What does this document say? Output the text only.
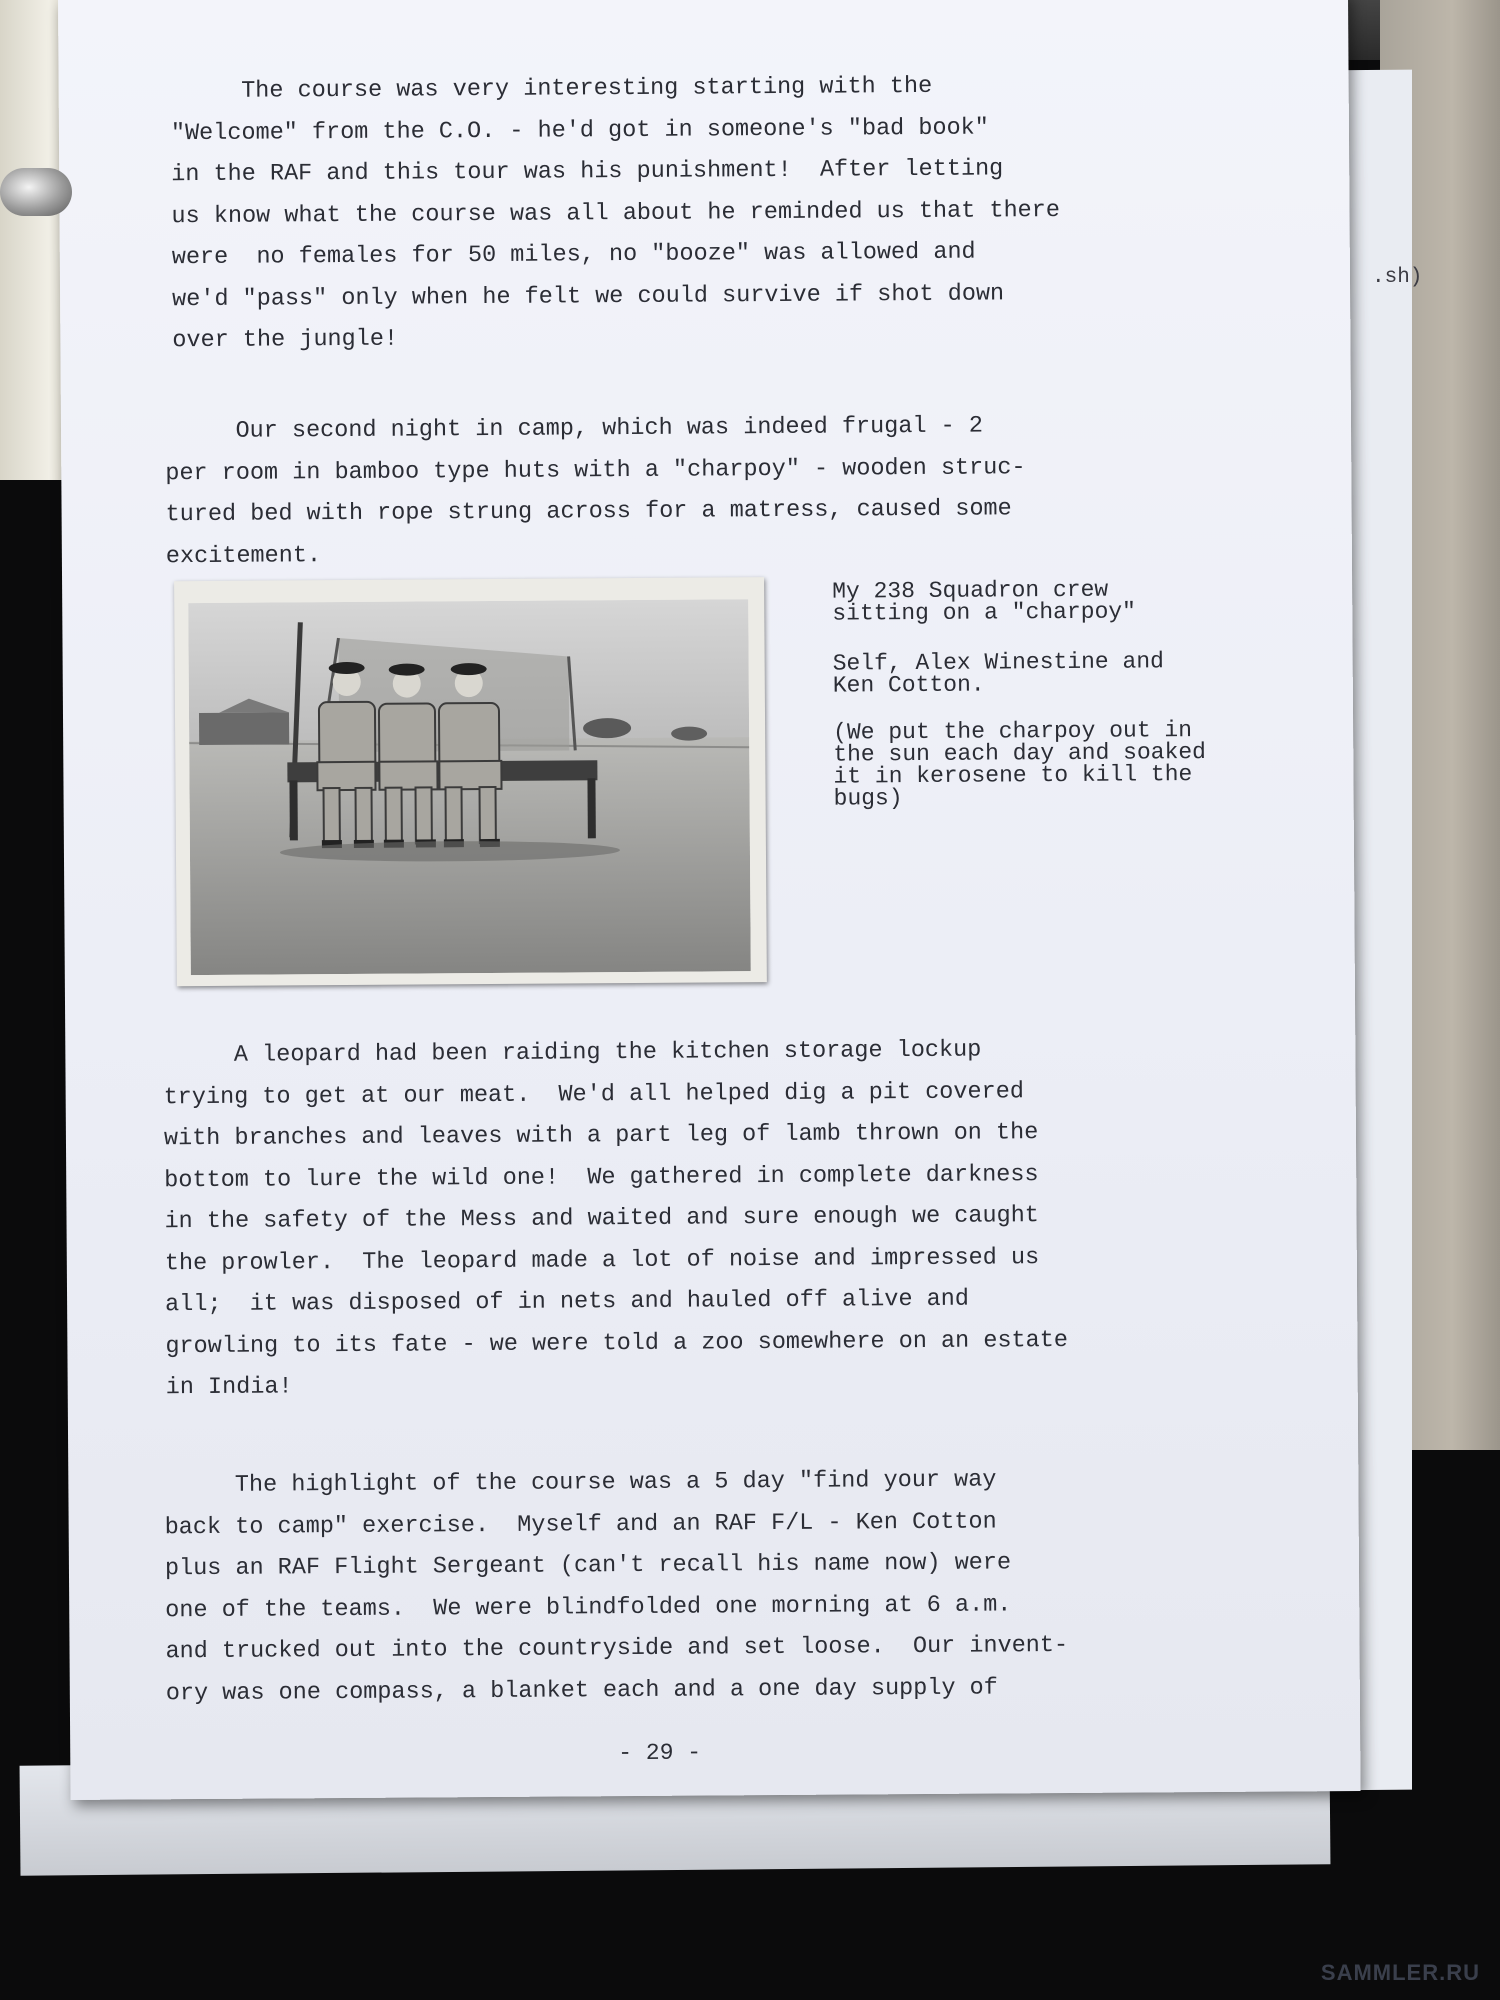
.sh)

The course was very interesting starting with the
"Welcome" from the C.O. - he'd got in someone's "bad book"
in the RAF and this tour was his punishment!  After letting
us know what the course was all about he reminded us that there
were  no females for 50 miles, no "booze" was allowed and
we'd "pass" only when he felt we could survive if shot down
over the jungle!

Our second night in camp, which was indeed frugal - 2
per room in bamboo type huts with a "charpoy" - wooden struc-
tured bed with rope strung across for a matress, caused some
excitement.

My 238 Squadron crew
sitting on a "charpoy"

Self, Alex Winestine and
Ken Cotton.

(We put the charpoy out in
the sun each day and soaked
it in kerosene to kill the
bugs)

A leopard had been raiding the kitchen storage lockup
trying to get at our meat.  We'd all helped dig a pit covered
with branches and leaves with a part leg of lamb thrown on the
bottom to lure the wild one!  We gathered in complete darkness
in the safety of the Mess and waited and sure enough we caught
the prowler.  The leopard made a lot of noise and impressed us
all;  it was disposed of in nets and hauled off alive and
growling to its fate - we were told a zoo somewhere on an estate
in India!

The highlight of the course was a 5 day "find your way
back to camp" exercise.  Myself and an RAF F/L - Ken Cotton
plus an RAF Flight Sergeant (can't recall his name now) were
one of the teams.  We were blindfolded one morning at 6 a.m.
and trucked out into the countryside and set loose.  Our invent-
ory was one compass, a blanket each and a one day supply of

- 29 -
SAMMLER.RU
